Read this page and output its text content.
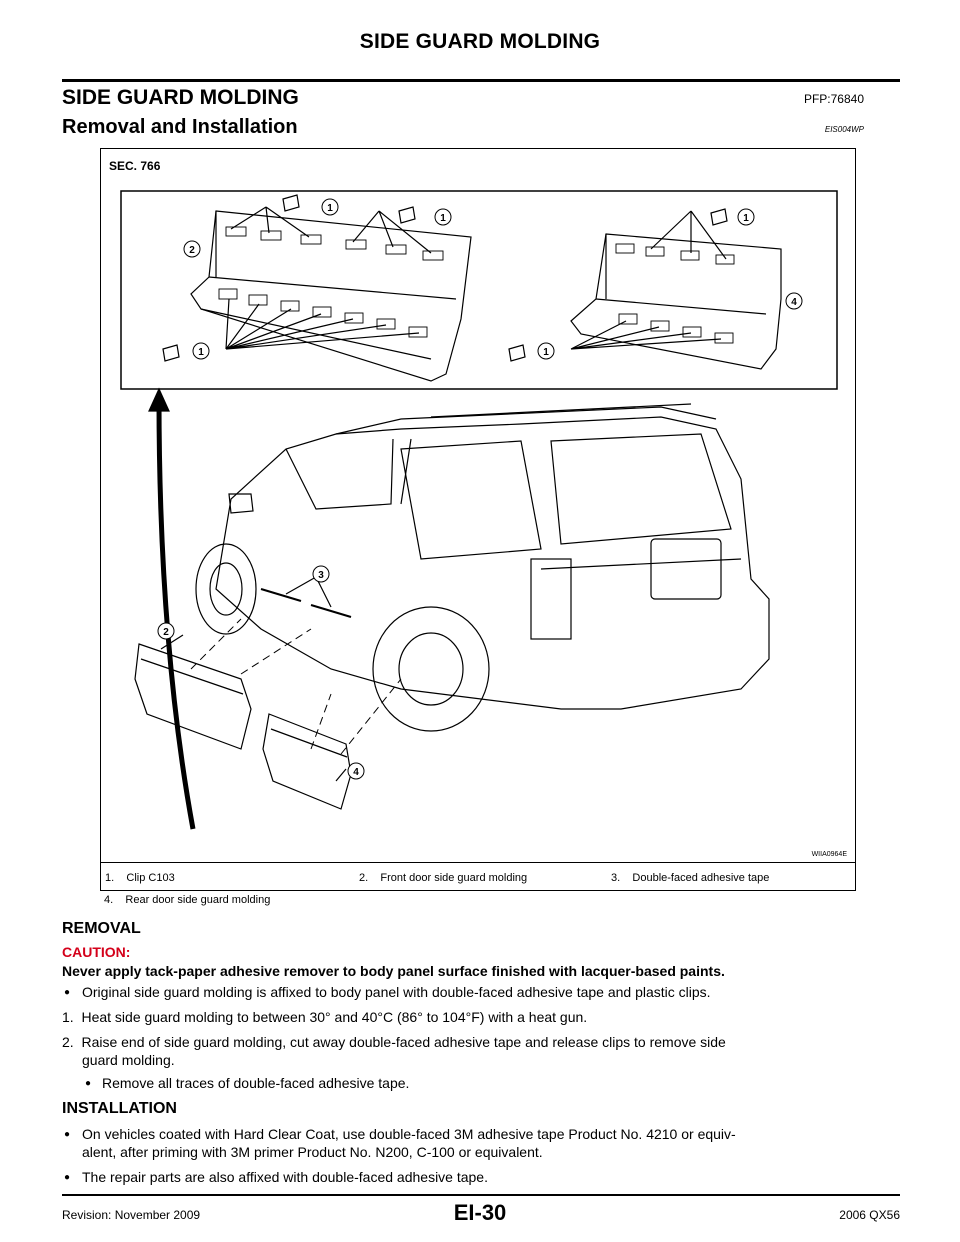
SIDE GUARD MOLDING
SIDE GUARD MOLDING	PFP:76840
Removal and Installation	EIS004WP
SEC. 766
1
1
2
1
1
4
1
3
2
4
WIIA0964E
1.    Clip C103	2.    Front door side guard molding	3.    Double-faced adhesive tape
4.    Rear door side guard molding
REMOVAL
CAUTION:
Never apply tack-paper adhesive remover to body panel surface finished with lacquer-based paints.
● Original side guard molding is affixed to body panel with double-faced adhesive tape and plastic clips.
1.  Heat side guard molding to between 30° and 40°C (86° to 104°F) with a heat gun.
2.  Raise end of side guard molding, cut away double-faced adhesive tape and release clips to remove side
guard molding.
● Remove all traces of double-faced adhesive tape.
INSTALLATION
● On vehicles coated with Hard Clear Coat, use double-faced 3M adhesive tape Product No. 4210 or equiv-
alent, after priming with 3M primer Product No. N200, C-100 or equivalent.
● The repair parts are also affixed with double-faced adhesive tape.
EI-30
Revision: November 2009	2006 QX56
